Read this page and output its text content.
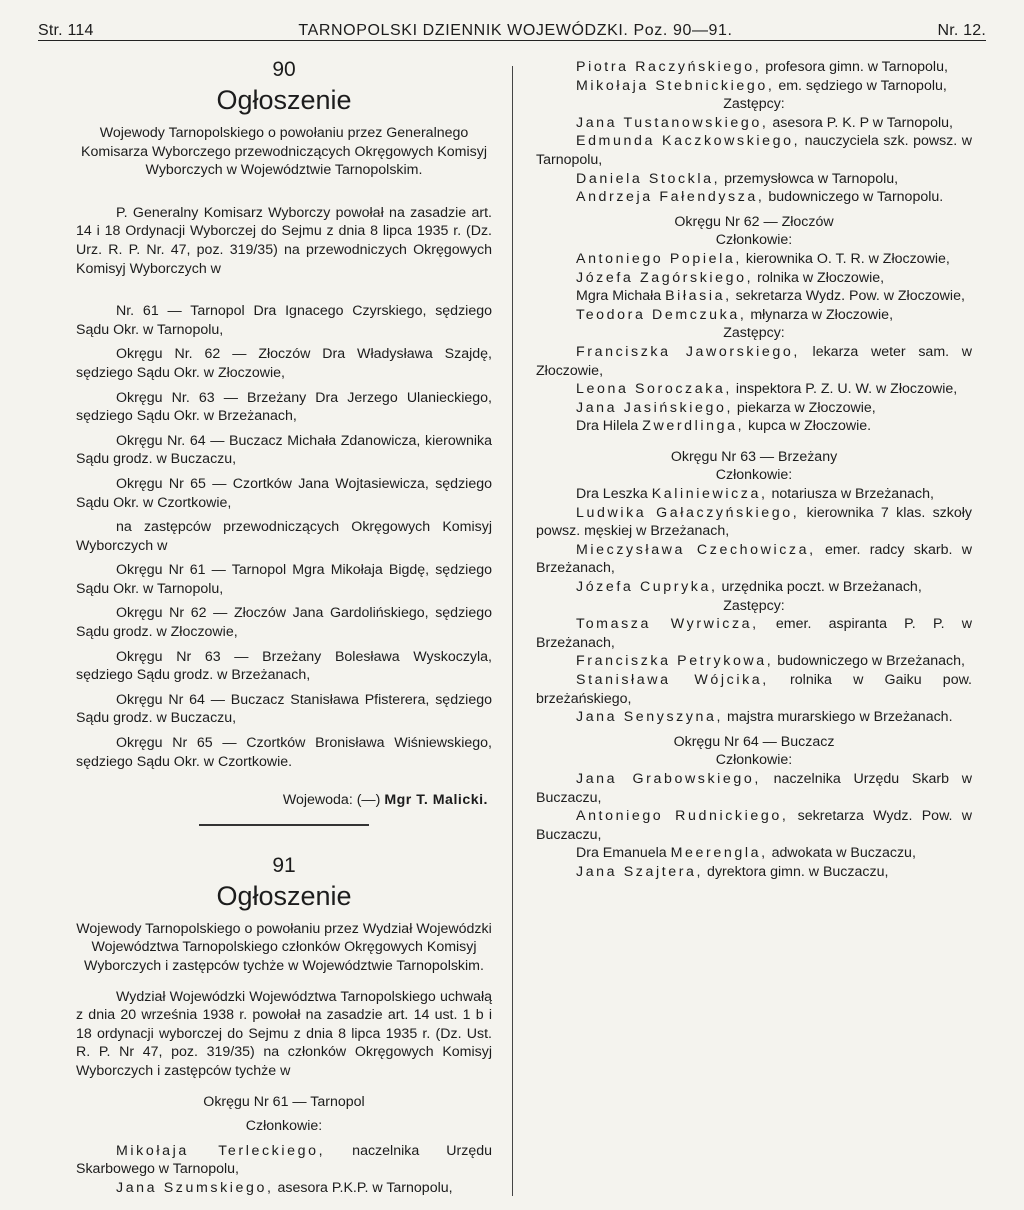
Str. 114	TARNOPOLSKI DZIENNIK WOJEWÓDZKI. Poz. 90—91.	Nr. 12.

90

Ogłoszenie

Wojewody Tarnopolskiego o powołaniu przez Generalnego Komisarza Wyborczego przewodniczących Okręgowych Komisyj Wyborczych w Województwie Tarnopolskim.

P. Generalny Komisarz Wyborczy powołał na zasadzie art. 14 i 18 Ordynacji Wyborczej do Sejmu z dnia 8 lipca 1935 r. (Dz. Urz. R. P. Nr. 47, poz. 319/35) na przewodniczych Okręgowych Komisyj Wyborczych w

Nr. 61 — Tarnopol Dra Ignacego Czyrskiego, sędziego Sądu Okr. w Tarnopolu,

Okręgu Nr. 62 — Złoczów Dra Władysława Szajdę, sędziego Sądu Okr. w Złoczowie,

Okręgu Nr. 63 — Brzeżany Dra Jerzego Ulanieckiego, sędziego Sądu Okr. w Brzeżanach,

Okręgu Nr. 64 — Buczacz Michała Zdanowicza, kierownika Sądu grodz. w Buczaczu,

Okręgu Nr 65 — Czortków Jana Wojtasiewicza, sędziego Sądu Okr. w Czortkowie,

na zastępców przewodniczących Okręgowych Komisyj Wyborczych w

Okręgu Nr 61 — Tarnopol Mgra Mikołaja Bigdę, sędziego Sądu Okr. w Tarnopolu,

Okręgu Nr 62 — Złoczów Jana Gardolińskiego, sędziego Sądu grodz. w Złoczowie,

Okręgu Nr 63 — Brzeżany Bolesława Wyskoczyla, sędziego Sądu grodz. w Brzeżanach,

Okręgu Nr 64 — Buczacz Stanisława Pfisterera, sędziego Sądu grodz. w Buczaczu,

Okręgu Nr 65 — Czortków Bronisława Wiśniewskiego, sędziego Sądu Okr. w Czortkowie.

Wojewoda: (—) Mgr T. Malicki.

91

Ogłoszenie

Wojewody Tarnopolskiego o powołaniu przez Wydział Wojewódzki Województwa Tarnopolskiego członków Okręgowych Komisyj Wyborczych i zastępców tychże w Województwie Tarnopolskim.

Wydział Wojewódzki Województwa Tarnopolskiego uchwałą z dnia 20 września 1938 r. powołał na zasadzie art. 14 ust. 1 b i 18 ordynacji wyborczej do Sejmu z dnia 8 lipca 1935 r. (Dz. Ust. R. P. Nr 47, poz. 319/35) na członków Okręgowych Komisyj Wyborczych i zastępców tychże w

Okręgu Nr 61 — Tarnopol

Członkowie:

Mikołaja Terleckiego, naczelnika Urzędu Skarbowego w Tarnopolu,

Jana Szumskiego, asesora P.K.P. w Tarnopolu,

Piotra Raczyńskiego, profesora gimn. w Tarnopolu,

Mikołaja Stebnickiego, em. sędziego w Tarnopolu,

Zastępcy:

Jana Tustanowskiego, asesora P. K. P w Tarnopolu,

Edmunda Kaczkowskiego, nauczyciela szk. powsz. w Tarnopolu,

Daniela Stockla, przemysłowca w Tarnopolu,

Andrzeja Fałendysza, budowniczego w Tarnopolu.

Okręgu Nr 62 — Złoczów

Członkowie:

Antoniego Popiela, kierownika O. T. R. w Złoczowie,

Józefa Zagórskiego, rolnika w Złoczowie,

Mgra Michała Biłasia, sekretarza Wydz. Pow. w Złoczowie,

Teodora Demczuka, młynarza w Złoczowie,

Zastępcy:

Franciszka Jaworskiego, lekarza weter sam. w Złoczowie,

Leona Soroczaka, inspektora P. Z. U. W. w Złoczowie,

Jana Jasińskiego, piekarza w Złoczowie,

Dra Hilela Zwerdlinga, kupca w Złoczowie.

Okręgu Nr 63 — Brzeżany

Członkowie:

Dra Leszka Kaliniewicza, notariusza w Brzeżanach,

Ludwika Gałaczyńskiego, kierownika 7 klas. szkoły powsz. męskiej w Brzeżanach,

Mieczysława Czechowicza, emer. radcy skarb. w Brzeżanach,

Józefa Cupryka, urzędnika poczt. w Brzeżanach,

Zastępcy:

Tomasza Wyrwicza, emer. aspiranta P. P. w Brzeżanach,

Franciszka Petrykowa, budowniczego w Brzeżanach,

Stanisława Wójcika, rolnika w Gaiku pow. brzeżańskiego,

Jana Senyszyna, majstra murarskiego w Brzeżanach.

Okręgu Nr 64 — Buczacz

Członkowie:

Jana Grabowskiego, naczelnika Urzędu Skarb w Buczaczu,

Antoniego Rudnickiego, sekretarza Wydz. Pow. w Buczaczu,

Dra Emanuela Meerengla, adwokata w Buczaczu,

Jana Szajtera, dyrektora gimn. w Buczaczu,
